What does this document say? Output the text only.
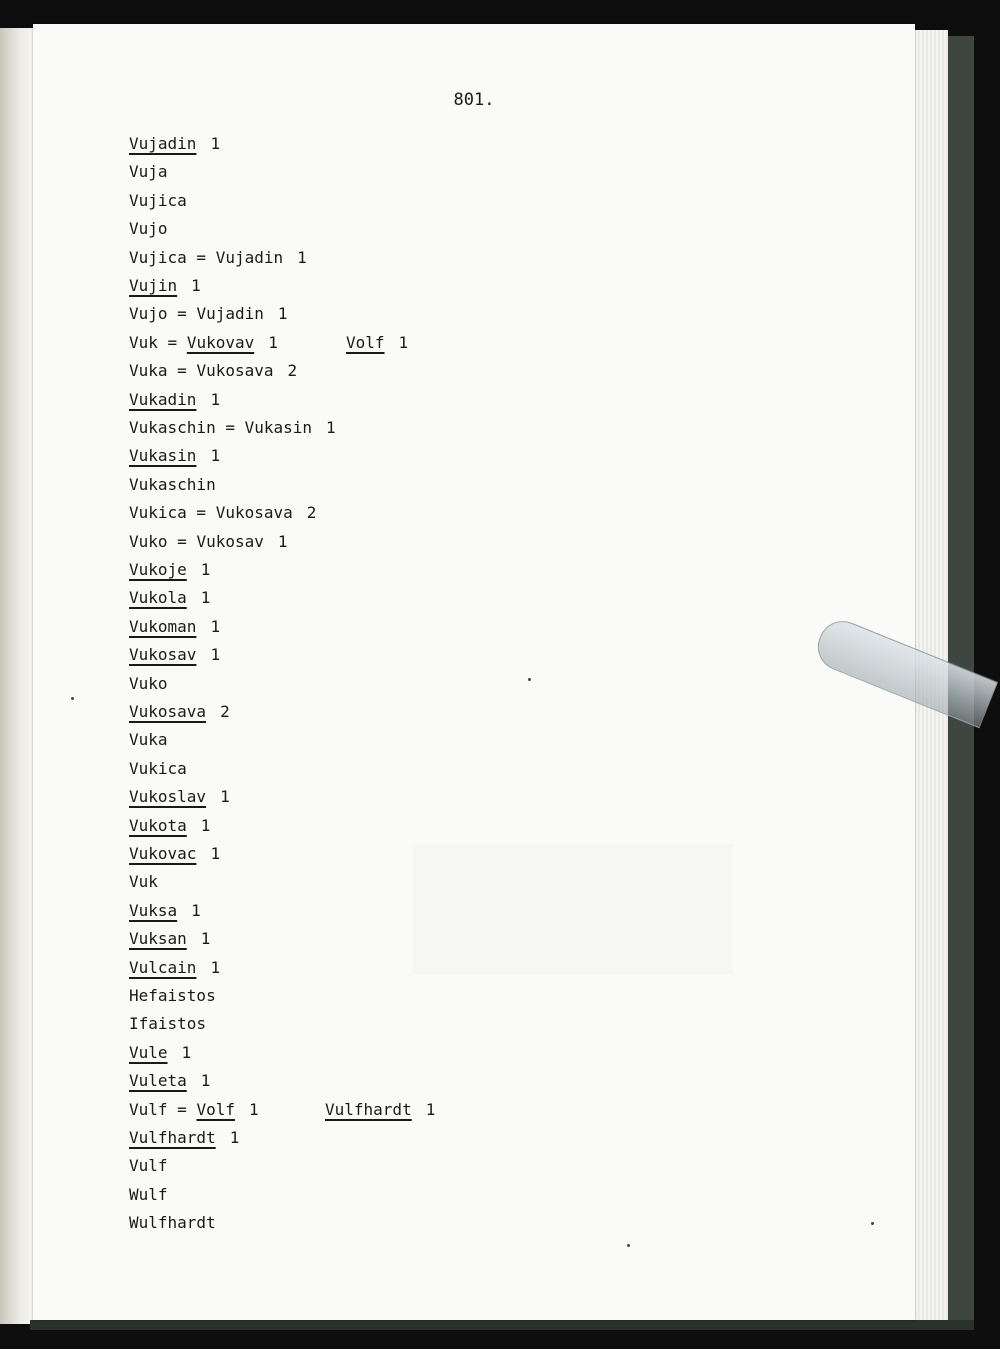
801.
Vujadin 1
Vuja
Vujica
Vujo
Vujica = Vujadin 1
Vujin 1
Vujo = Vujadin 1
Vuk = Vukovav 1	Volf 1
Vuka = Vukosava 2
Vukadin 1
Vukaschin = Vukasin 1
Vukasin 1
Vukaschin
Vukica = Vukosava 2
Vuko = Vukosav 1
Vukoje 1
Vukola 1
Vukoman 1
Vukosav 1
Vuko
Vukosava 2
Vuka
Vukica
Vukoslav 1
Vukota 1
Vukovac 1
Vuk
Vuksa 1
Vuksan 1
Vulcain 1
Hefaistos
Ifaistos
Vule 1
Vuleta 1
Vulf = Volf 1	Vulfhardt 1
Vulfhardt 1
Vulf
Wulf
Wulfhardt
